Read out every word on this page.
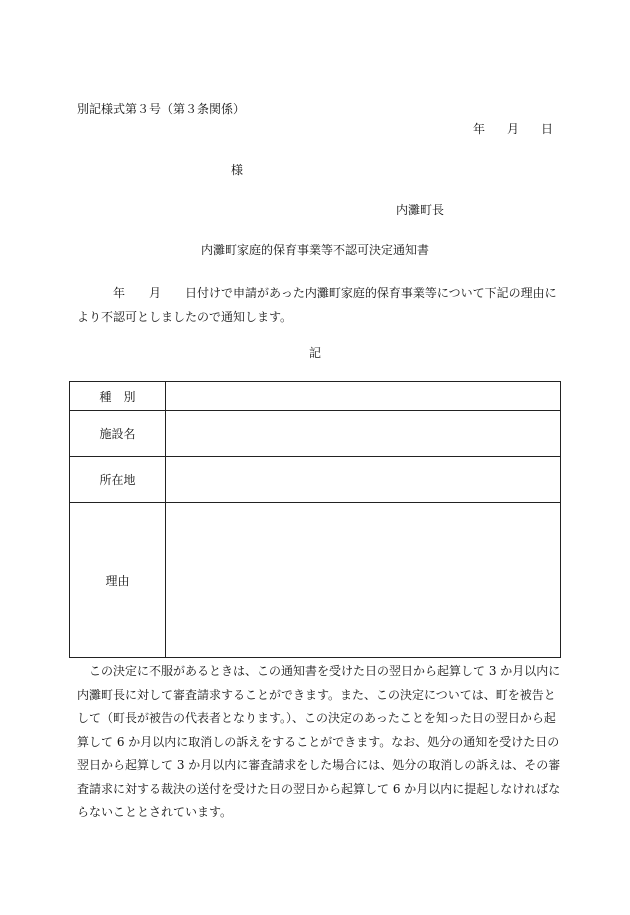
別記様式第３号（第３条関係）
年 月 日
様
内灘町長
内灘町家庭的保育事業等不認可決定通知書
年　　月　　日付けで申請があった内灘町家庭的保育事業等について下記の理由により不認可としましたので通知します。
記
種　別	
施設名	
所在地	
理由	
この決定に不服があるときは、この通知書を受けた日の翌日から起算して 3 か月以内に内灘町長に対して審査請求することができます。また、この決定については、町を被告として（町長が被告の代表者となります。）、この決定のあったことを知った日の翌日から起算して 6 か月以内に取消しの訴えをすることができます。なお、処分の通知を受けた日の翌日から起算して 3 か月以内に審査請求をした場合には、処分の取消しの訴えは、その審査請求に対する裁決の送付を受けた日の翌日から起算して 6 か月以内に提起しなければならないこととされています。
